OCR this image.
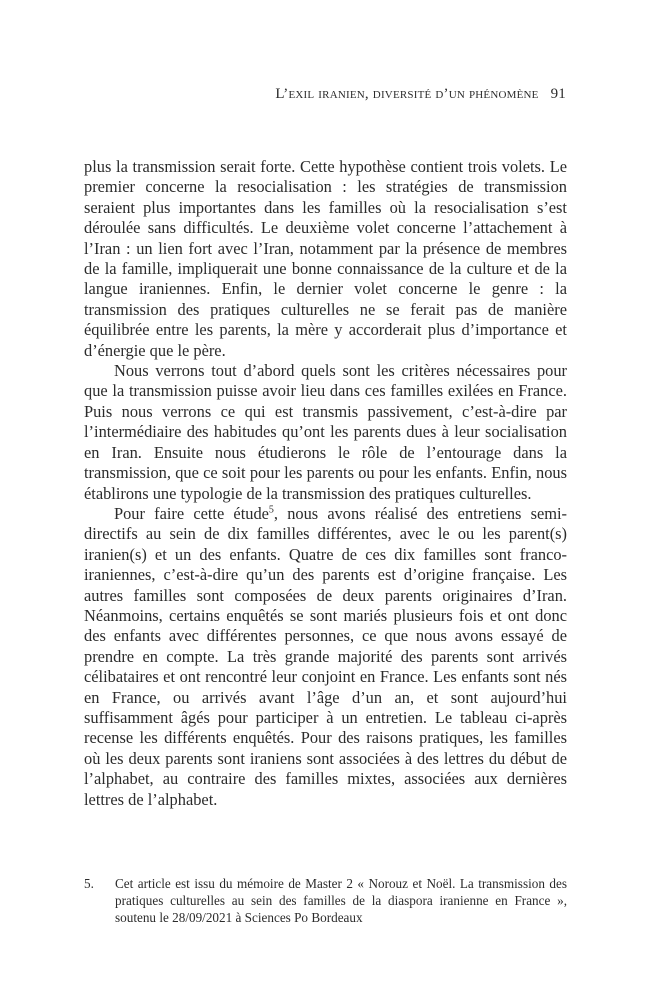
L’exil iranien, diversité d’un phénomène 91

plus la transmission serait forte. Cette hypothèse contient trois volets. Le premier concerne la resocialisation : les stratégies de transmission seraient plus importantes dans les familles où la resocialisation s’est déroulée sans difficultés. Le deuxième volet concerne l’attachement à l’Iran : un lien fort avec l’Iran, notamment par la présence de membres de la famille, impliquerait une bonne connaissance de la culture et de la langue iraniennes. Enfin, le dernier volet concerne le genre : la transmission des pratiques culturelles ne se ferait pas de manière équilibrée entre les parents, la mère y accorderait plus d’importance et d’énergie que le père.

Nous verrons tout d’abord quels sont les critères nécessaires pour que la transmission puisse avoir lieu dans ces familles exilées en France. Puis nous verrons ce qui est transmis passivement, c’est-à-dire par l’intermédiaire des habitudes qu’ont les parents dues à leur socialisation en Iran. Ensuite nous étudierons le rôle de l’entourage dans la transmission, que ce soit pour les parents ou pour les enfants. Enfin, nous établirons une typologie de la transmission des pratiques culturelles.

Pour faire cette étude$^5$, nous avons réalisé des entretiens semi-directifs au sein de dix familles différentes, avec le ou les parent(s) iranien(s) et un des enfants. Quatre de ces dix familles sont franco-iraniennes, c’est-à-dire qu’un des parents est d’origine française. Les autres familles sont composées de deux parents originaires d’Iran. Néanmoins, certains enquêtés se sont mariés plusieurs fois et ont donc des enfants avec différentes personnes, ce que nous avons essayé de prendre en compte. La très grande majorité des parents sont arrivés célibataires et ont rencontré leur conjoint en France. Les enfants sont nés en France, ou arrivés avant l’âge d’un an, et sont aujourd’hui suffisamment âgés pour participer à un entretien. Le tableau ci-après recense les différents enquêtés. Pour des raisons pratiques, les familles où les deux parents sont iraniens sont associées à des lettres du début de l’alphabet, au contraire des familles mixtes, associées aux dernières lettres de l’alphabet.

5. Cet article est issu du mémoire de Master 2 « Norouz et Noël. La transmission des pratiques culturelles au sein des familles de la diaspora iranienne en France », soutenu le 28/09/2021 à Sciences Po Bordeaux
